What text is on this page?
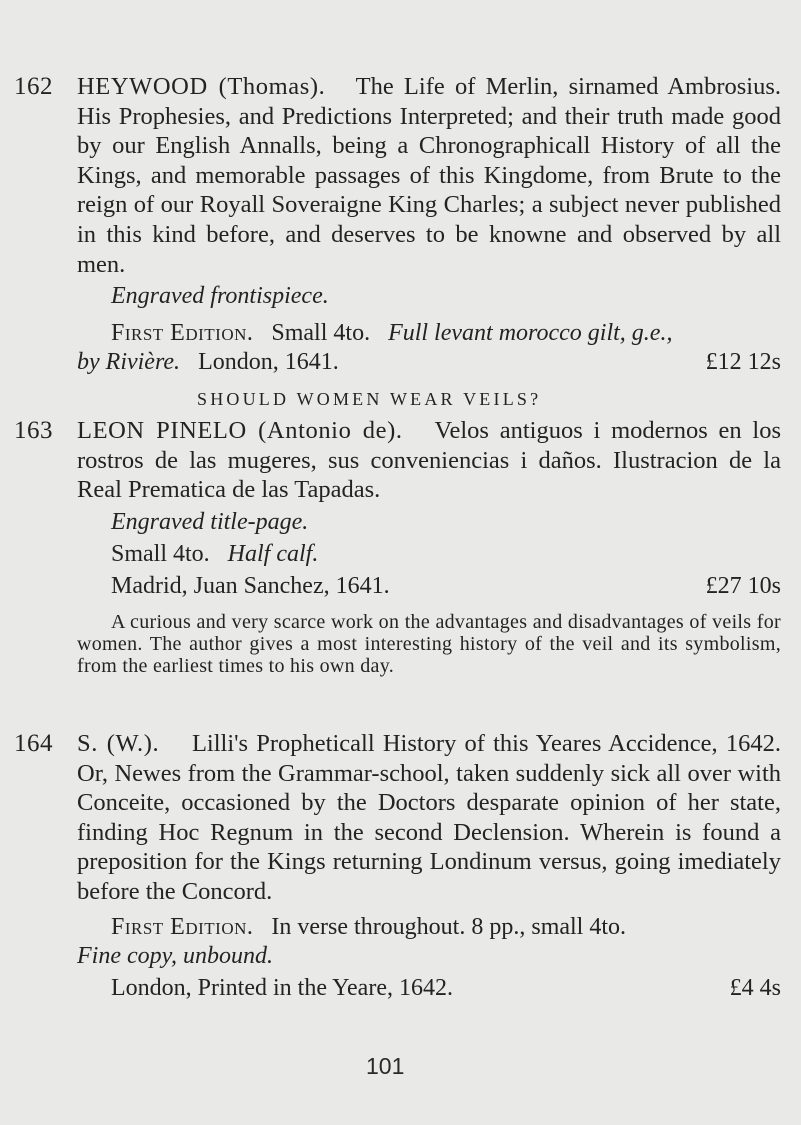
162 HEYWOOD (Thomas). The Life of Merlin, sirnamed Ambrosius. His Prophesies, and Predictions Interpreted; and their truth made good by our English Annalls, being a Chronographicall History of all the Kings, and memorable passages of this Kingdome, from Brute to the reign of our Royall Soveraigne King Charles; a subject never published in this kind before, and deserves to be knowne and observed by all men.

Engraved frontispiece.

First Edition. Small 4to. Full levant morocco gilt, g.e.,

by Rivière. London, 1641.	£12 12s

SHOULD WOMEN WEAR VEILS?
163 LEON PINELO (Antonio de). Velos antiguos i modernos en los rostros de las mugeres, sus conveniencias i daños. Ilustracion de la Real Prematica de las Tapadas.

Engraved title-page.

Small 4to. Half calf.

Madrid, Juan Sanchez, 1641.	£27 10s

A curious and very scarce work on the advantages and disadvantages of veils for women. The author gives a most interesting history of the veil and its symbolism, from the earliest times to his own day.

164 S. (W.). Lilli's Propheticall History of this Yeares Accidence, 1642. Or, Newes from the Grammar-school, taken suddenly sick all over with Conceite, occasioned by the Doctors desparate opinion of her state, finding Hoc Regnum in the second Declension. Wherein is found a preposition for the Kings returning Londinum versus, going imediately before the Concord.

First Edition. In verse throughout. 8 pp., small 4to.

Fine copy, unbound.

London, Printed in the Yeare, 1642.	£4 4s

101
